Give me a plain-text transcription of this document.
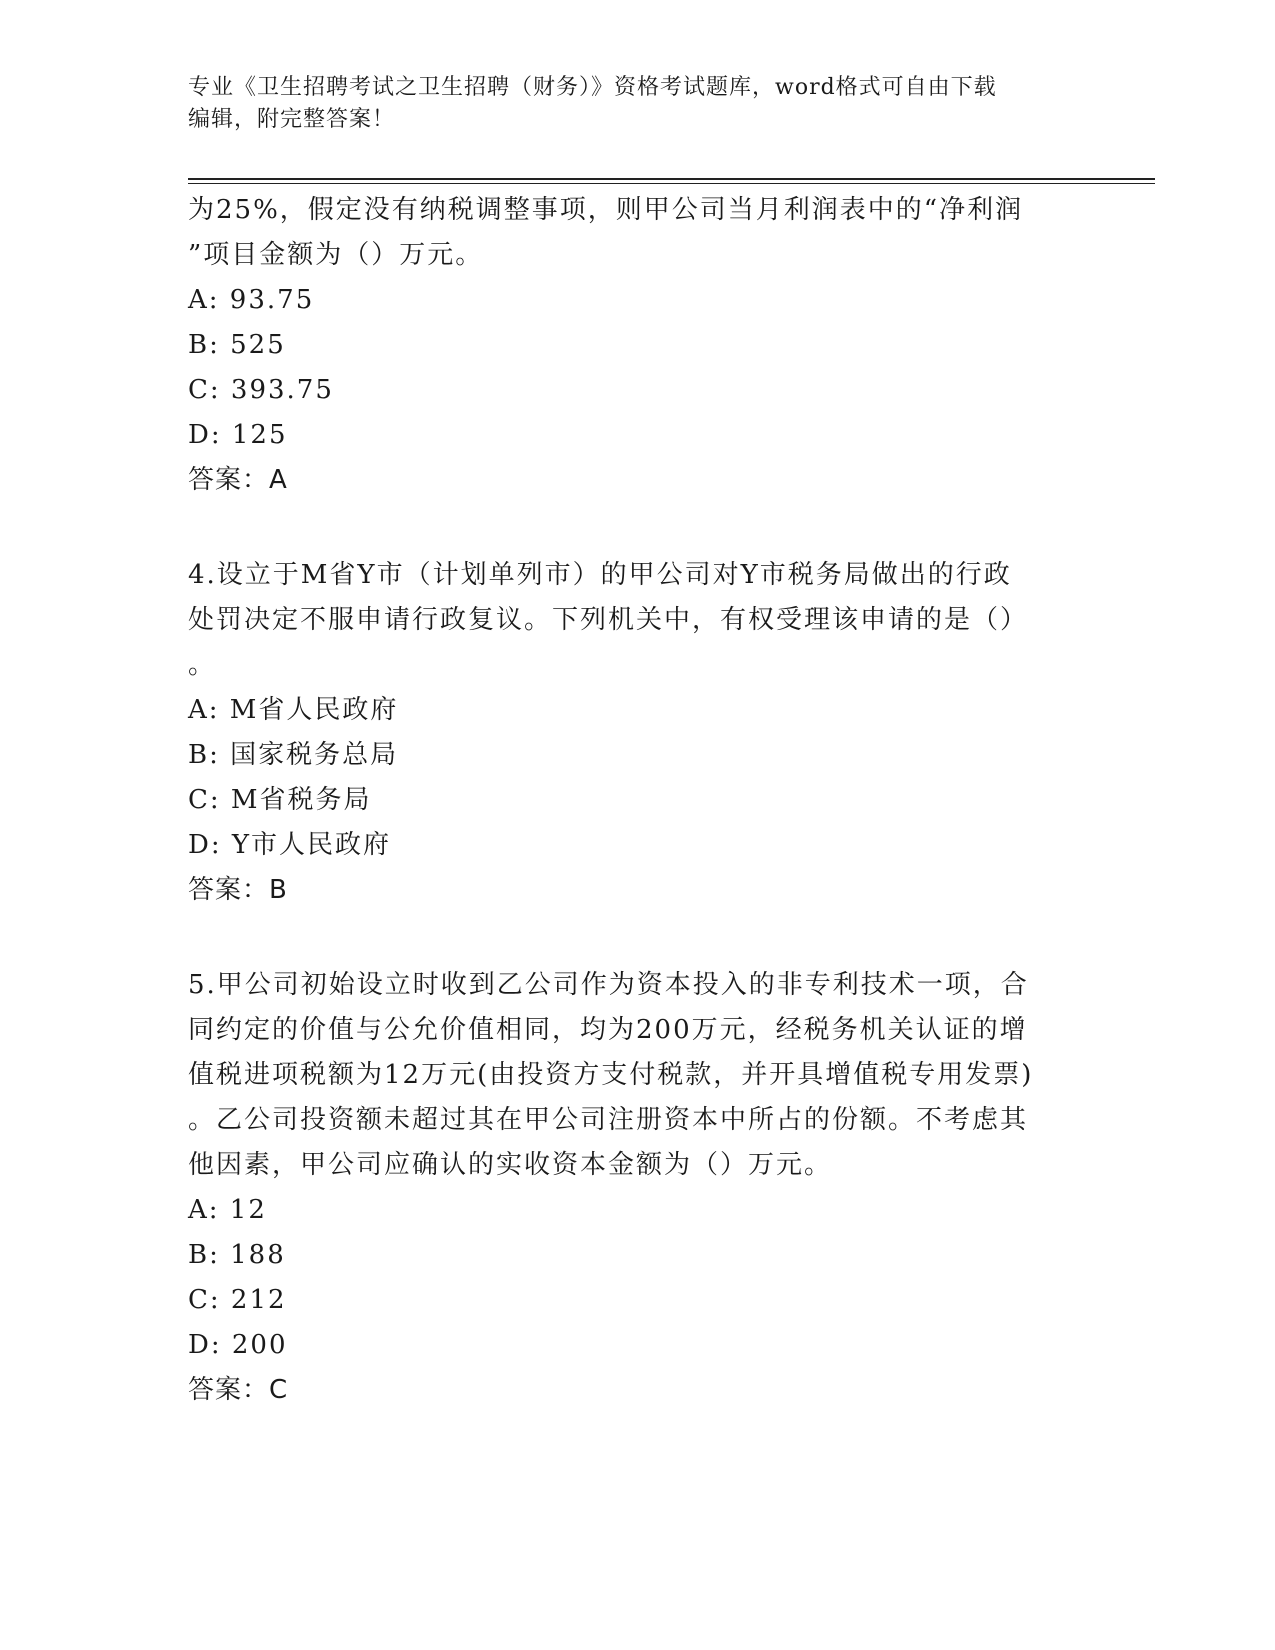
专业《卫生招聘考试之卫生招聘（财务）》资格考试题库，word格式可自由下载
编辑，附完整答案！
为25%，假定没有纳税调整事项，则甲公司当月利润表中的“净利润
”项目金额为（）万元。
A: 93.75
B: 525
C: 393.75
D: 125
答案：A
4.设立于M省Y市（计划单列市）的甲公司对Y市税务局做出的行政
处罚决定不服申请行政复议。下列机关中，有权受理该申请的是（）
。
A: M省人民政府
B: 国家税务总局
C: M省税务局
D: Y市人民政府
答案：B
5.甲公司初始设立时收到乙公司作为资本投入的非专利技术一项，合
同约定的价值与公允价值相同，均为200万元，经税务机关认证的增
值税进项税额为12万元(由投资方支付税款，并开具增值税专用发票)
。乙公司投资额未超过其在甲公司注册资本中所占的份额。不考虑其
他因素，甲公司应确认的实收资本金额为（）万元。
A: 12
B: 188
C: 212
D: 200
答案：C
